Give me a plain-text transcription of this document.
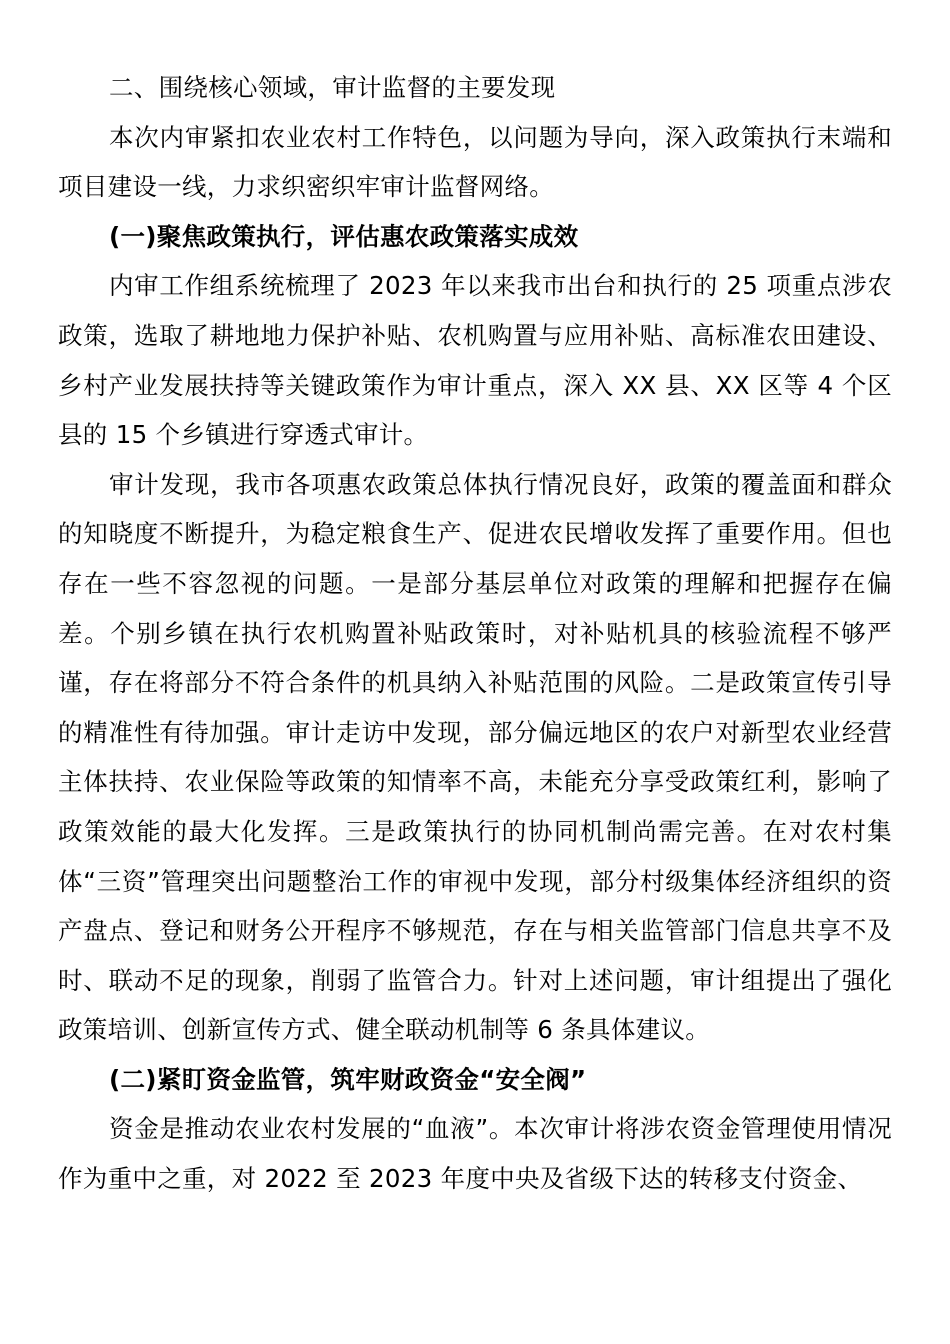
二、围绕核心领域，审计监督的主要发现

本次内审紧扣农业农村工作特色，以问题为导向，深入政策执行末端和项目建设一线，力求织密织牢审计监督网络。

(一)聚焦政策执行，评估惠农政策落实成效

内审工作组系统梳理了 2023 年以来我市出台和执行的 25 项重点涉农政策，选取了耕地地力保护补贴、农机购置与应用补贴、高标准农田建设、乡村产业发展扶持等关键政策作为审计重点，深入 XX 县、XX 区等 4 个区县的 15 个乡镇进行穿透式审计。

审计发现，我市各项惠农政策总体执行情况良好，政策的覆盖面和群众的知晓度不断提升，为稳定粮食生产、促进农民增收发挥了重要作用。但也存在一些不容忽视的问题。一是部分基层单位对政策的理解和把握存在偏差。个别乡镇在执行农机购置补贴政策时，对补贴机具的核验流程不够严谨，存在将部分不符合条件的机具纳入补贴范围的风险。二是政策宣传引导的精准性有待加强。审计走访中发现，部分偏远地区的农户对新型农业经营主体扶持、农业保险等政策的知情率不高，未能充分享受政策红利，影响了政策效能的最大化发挥。三是政策执行的协同机制尚需完善。在对农村集体“三资”管理突出问题整治工作的审视中发现，部分村级集体经济组织的资产盘点、登记和财务公开程序不够规范，存在与相关监管部门信息共享不及时、联动不足的现象，削弱了监管合力。针对上述问题，审计组提出了强化政策培训、创新宣传方式、健全联动机制等 6 条具体建议。

(二)紧盯资金监管，筑牢财政资金“安全阀”

资金是推动农业农村发展的“血液”。本次审计将涉农资金管理使用情况作为重中之重，对 2022 至 2023 年度中央及省级下达的转移支付资金、
